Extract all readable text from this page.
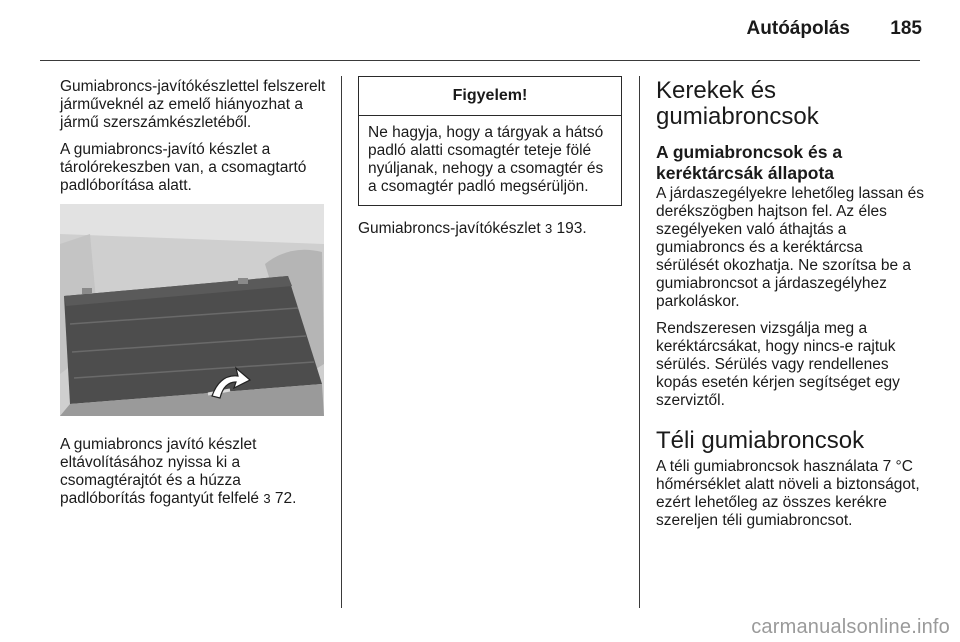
Autóápolás	185

Gumiabroncs-javítókészlettel felszerelt járműveknél az emelő hiányozhat a jármű szerszámkészletéből.

A gumiabroncs-javító készlet a tárolórekeszben van, a csomagtartó padlóborítása alatt.

A gumiabroncs javító készlet eltávolításához nyissa ki a csomagtérajtót és a húzza padlóborítás fogantyút felfelé 3 72.

Figyelem!
Ne hagyja, hogy a tárgyak a hátsó padló alatti csomagtér teteje fölé nyúljanak, nehogy a csomagtér és a csomagtér padló megsérüljön.

Gumiabroncs-javítókészlet 3 193.

Kerekek és gumiabroncsok
A gumiabroncsok és a keréktárcsák állapota

A járdaszegélyekre lehetőleg lassan és derékszögben hajtson fel. Az éles szegélyeken való áthajtás a gumiabroncs és a keréktárcsa sérülését okozhatja. Ne szorítsa be a gumiabroncsot a járdaszegélyhez parkoláskor.

Rendszeresen vizsgálja meg a keréktárcsákat, hogy nincs-e rajtuk sérülés. Sérülés vagy rendellenes kopás esetén kérjen segítséget egy szerviztől.

Téli gumiabroncsok

A téli gumiabroncsok használata 7 °C hőmérséklet alatt növeli a biztonságot, ezért lehetőleg az összes kerékre szereljen téli gumiabroncsot.

carmanualsonline.info
